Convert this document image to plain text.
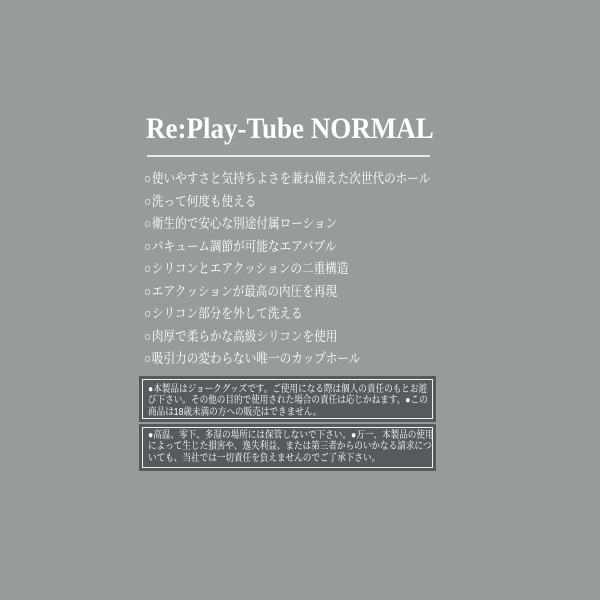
Re:Play-Tube NORMAL
○使いやすさと気持ちよさを兼ね備えた次世代のホール
○洗って何度も使える
○衛生的で安心な別途付属ローション
○バキューム調節が可能なエアバブル
○シリコンとエアクッションの二重構造
○エアクッションが最高の内圧を再現
○シリコン部分を外して洗える
○肉厚で柔らかな高級シリコンを使用
○吸引力の変わらない唯一のカップホール
●本製品はジョークグッズです。ご使用になる際は個人の責任のもとお遊
び下さい。その他の目的で使用された場合の責任は応じかねます。●この
商品は18歳未満の方への販売はできません。
●高温、零下、多湿の場所には保管しないで下さい。●万一、本製品の使用
によって生じた損害や、逸失利益、または第三者からのいかなる請求につ
いても、当社では一切責任を負えませんのでご了承下さい。
